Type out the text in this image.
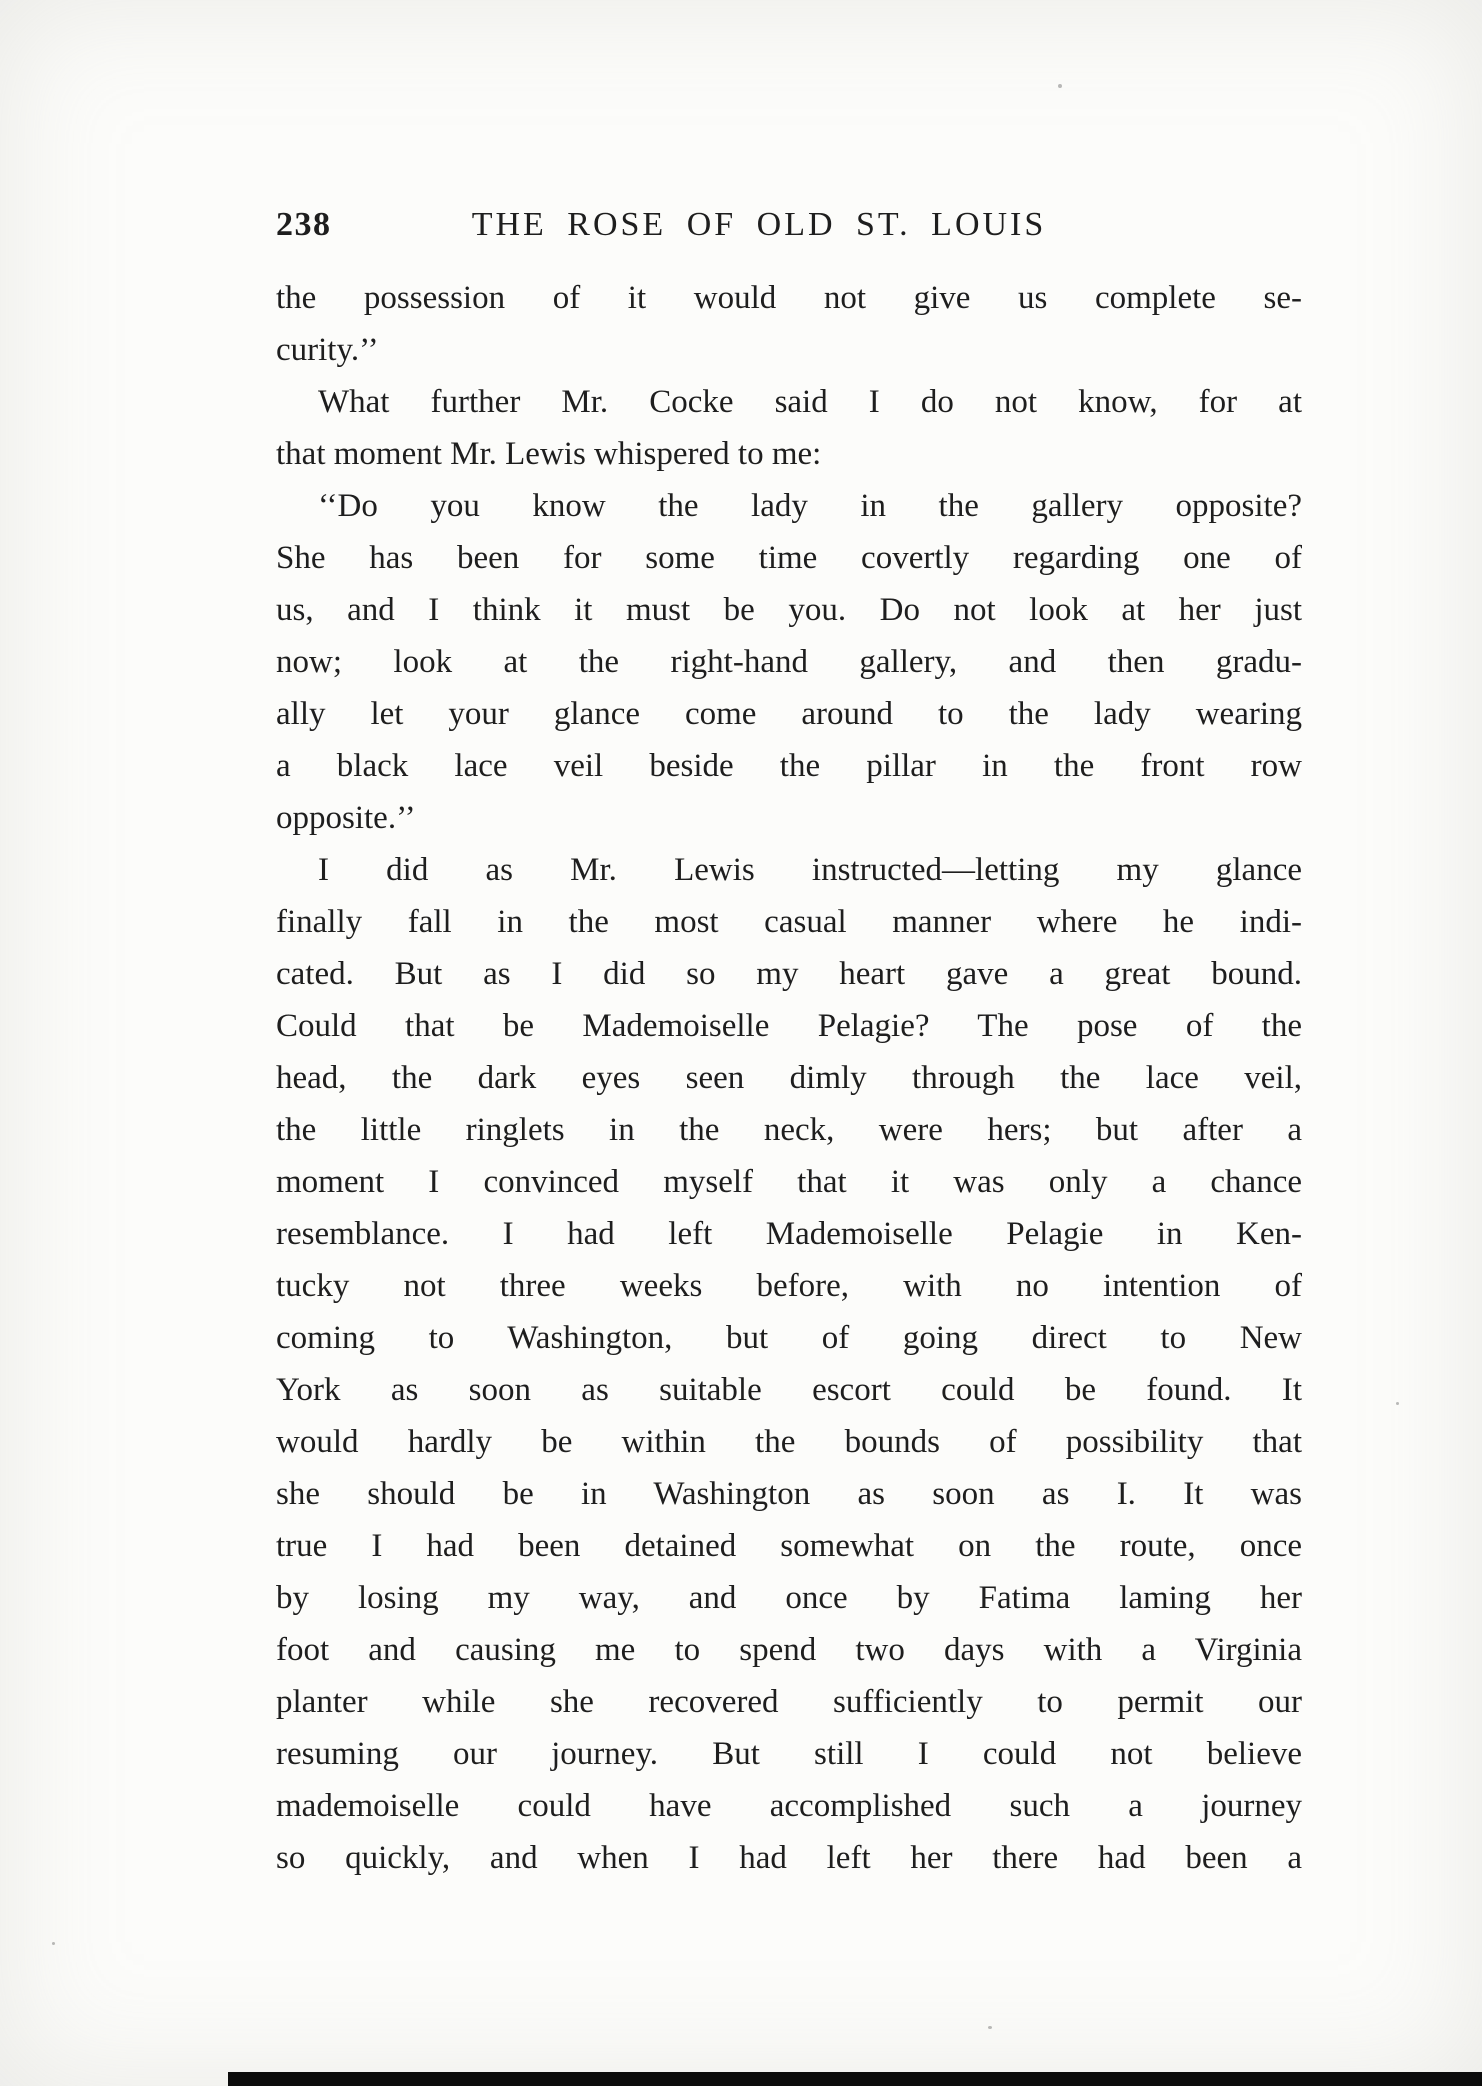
238	THE ROSE OF OLD ST. LOUIS
the possession of it would not give us complete se-
curity.’’
What further Mr. Cocke said I do not know, for at
that moment Mr. Lewis whispered to me:
‘‘Do you know the lady in the gallery opposite?
She has been for some time covertly regarding one of
us, and I think it must be you. Do not look at her just
now; look at the right-hand gallery, and then gradu-
ally let your glance come around to the lady wearing
a black lace veil beside the pillar in the front row
opposite.’’
I did as Mr. Lewis instructed—letting my glance
finally fall in the most casual manner where he indi-
cated. But as I did so my heart gave a great bound.
Could that be Mademoiselle Pelagie? The pose of the
head, the dark eyes seen dimly through the lace veil,
the little ringlets in the neck, were hers; but after a
moment I convinced myself that it was only a chance
resemblance. I had left Mademoiselle Pelagie in Ken-
tucky not three weeks before, with no intention of
coming to Washington, but of going direct to New
York as soon as suitable escort could be found. It
would hardly be within the bounds of possibility that
she should be in Washington as soon as I. It was
true I had been detained somewhat on the route, once
by losing my way, and once by Fatima laming her
foot and causing me to spend two days with a Virginia
planter while she recovered sufficiently to permit our
resuming our journey. But still I could not believe
mademoiselle could have accomplished such a journey
so quickly, and when I had left her there had been a
